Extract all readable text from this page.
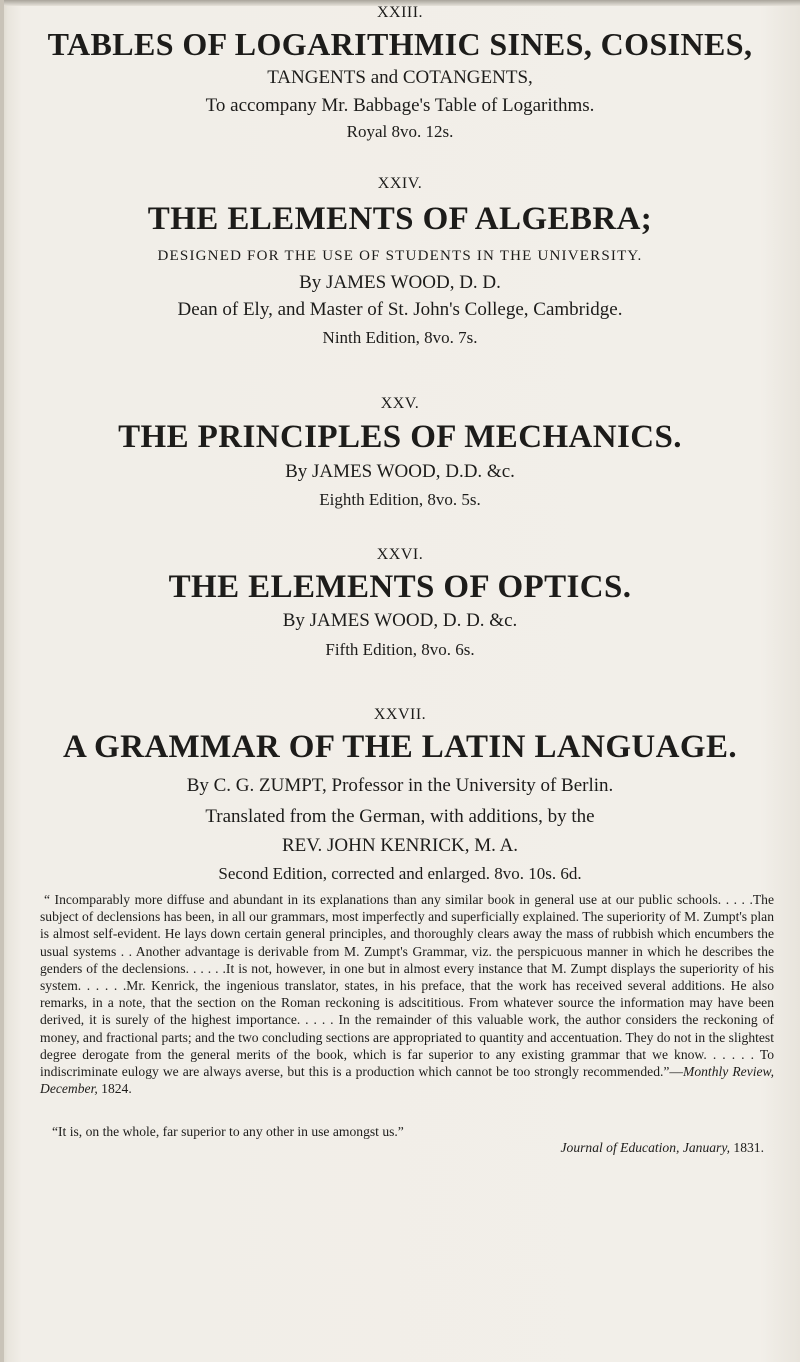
XXIII.
TABLES OF LOGARITHMIC SINES, COSINES,
TANGENTS and COTANGENTS,
To accompany Mr. Babbage's Table of Logarithms.
Royal 8vo. 12s.
XXIV.
THE ELEMENTS OF ALGEBRA;
DESIGNED FOR THE USE OF STUDENTS IN THE UNIVERSITY.
By JAMES WOOD, D. D.
Dean of Ely, and Master of St. John's College, Cambridge.
Ninth Edition, 8vo. 7s.
XXV.
THE PRINCIPLES OF MECHANICS.
By JAMES WOOD, D.D. &c.
Eighth Edition, 8vo. 5s.
XXVI.
THE ELEMENTS OF OPTICS.
By JAMES WOOD, D. D. &c.
Fifth Edition, 8vo. 6s.
XXVII.
A GRAMMAR OF THE LATIN LANGUAGE.
By C. G. ZUMPT, Professor in the University of Berlin.
Translated from the German, with additions, by the
REV. JOHN KENRICK, M. A.
Second Edition, corrected and enlarged. 8vo. 10s. 6d.
“ Incomparably more diffuse and abundant in its explanations than any similar book in general use at our public schools. . . . .The subject of declensions has been, in all our grammars, most imperfectly and superficially explained. The superiority of M. Zumpt's plan is almost self-evident. He lays down certain general principles, and thoroughly clears away the mass of rubbish which encumbers the usual systems . . Another advantage is derivable from M. Zumpt's Grammar, viz. the perspicuous manner in which he describes the genders of the declensions. . . . . .It is not, however, in one but in almost every instance that M. Zumpt displays the superiority of his system. . . . . .Mr. Kenrick, the ingenious translator, states, in his preface, that the work has received several additions. He also remarks, in a note, that the section on the Roman reckoning is adscititious. From whatever source the information may have been derived, it is surely of the highest importance. . . . . In the remainder of this valuable work, the author considers the reckoning of money, and fractional parts; and the two concluding sections are appropriated to quantity and accentuation. They do not in the slightest degree derogate from the general merits of the book, which is far superior to any existing grammar that we know. . . . . . To indiscriminate eulogy we are always averse, but this is a production which cannot be too strongly recommended.”—Monthly Review, December, 1824.
“It is, on the whole, far superior to any other in use amongst us.”
Journal of Education, January, 1831.
